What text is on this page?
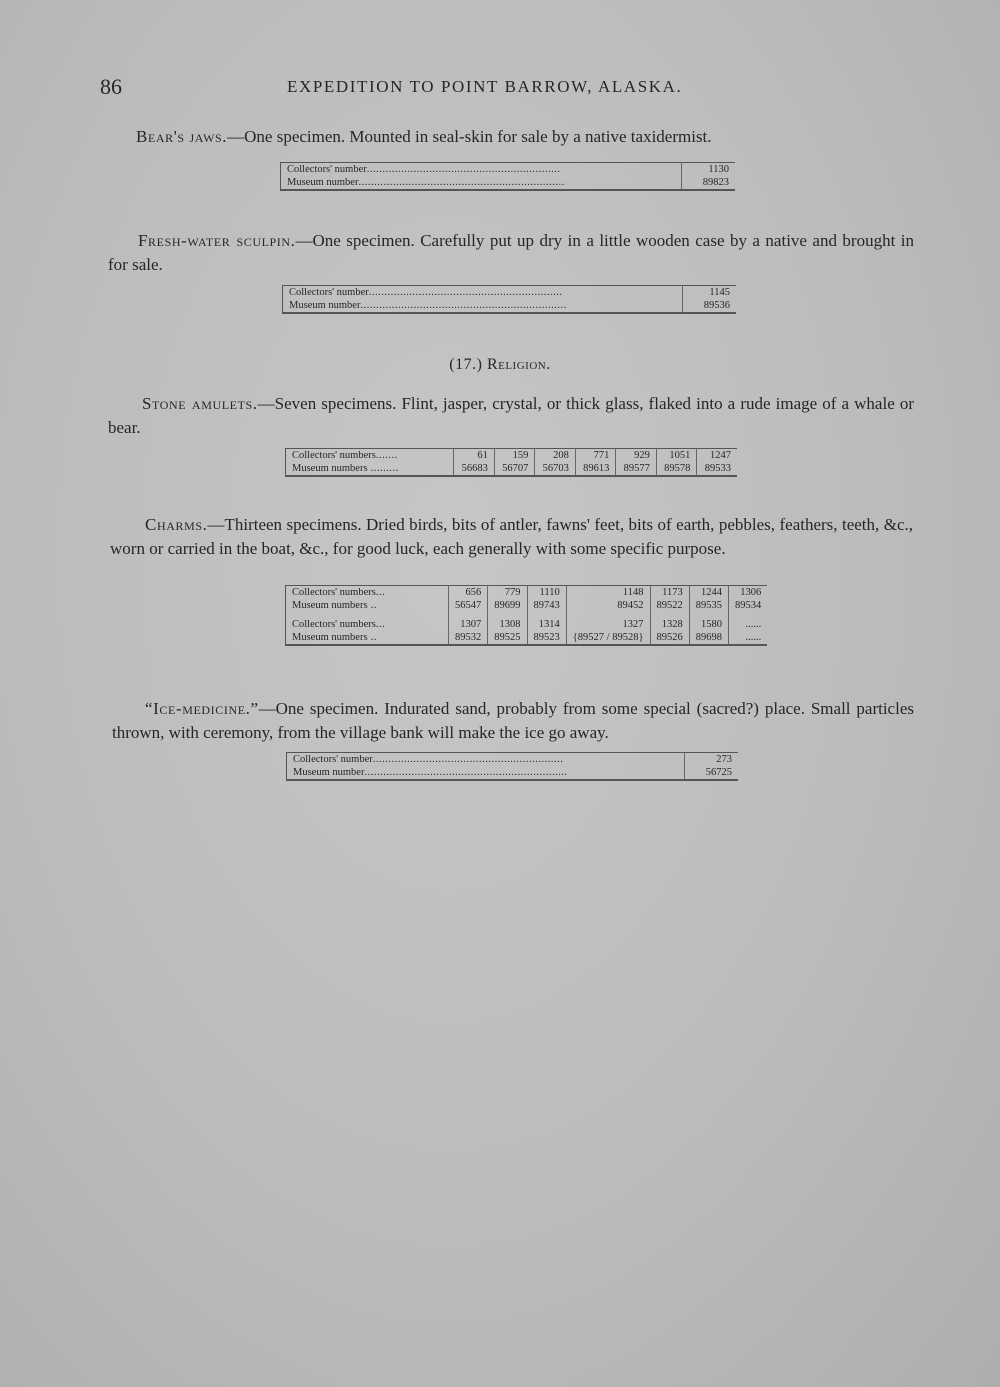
86	EXPEDITION TO POINT BARROW, ALASKA.
Bear's jaws.—One specimen. Mounted in seal-skin for sale by a native taxidermist.
Collectors' number..............................................................	1130
Museum number..................................................................	89823
Fresh-water sculpin.—One specimen. Carefully put up dry in a little wooden case by a native and brought in for sale.
Collectors' number..............................................................	1145
Museum number..................................................................	89536
(17.) Religion.
Stone amulets.—Seven specimens. Flint, jasper, crystal, or thick glass, flaked into a rude image of a whale or bear.
Collectors' numbers.......	61	159	208	771	929	1051	1247
Museum numbers .........	56683	56707	56703	89613	89577	89578	89533
Charms.—Thirteen specimens. Dried birds, bits of antler, fawns' feet, bits of earth, pebbles, feathers, teeth, &c., worn or carried in the boat, &c., for good luck, each generally with some specific purpose.
Collectors' numbers...	656	779	1110	1148	1173	1244	1306
Museum numbers ..	56547	89699	89743	89452	89522	89535	89534

Collectors' numbers...	1307	1308	1314	1327	1328	1580	......
Museum numbers ..	89532	89525	89523	{89527 / 89528}	89526	89698	......
“Ice-medicine.”—One specimen. Indurated sand, probably from some special (sacred?) place. Small particles thrown, with ceremony, from the village bank will make the ice go away.
Collectors' number.............................................................	273
Museum number.................................................................	56725
